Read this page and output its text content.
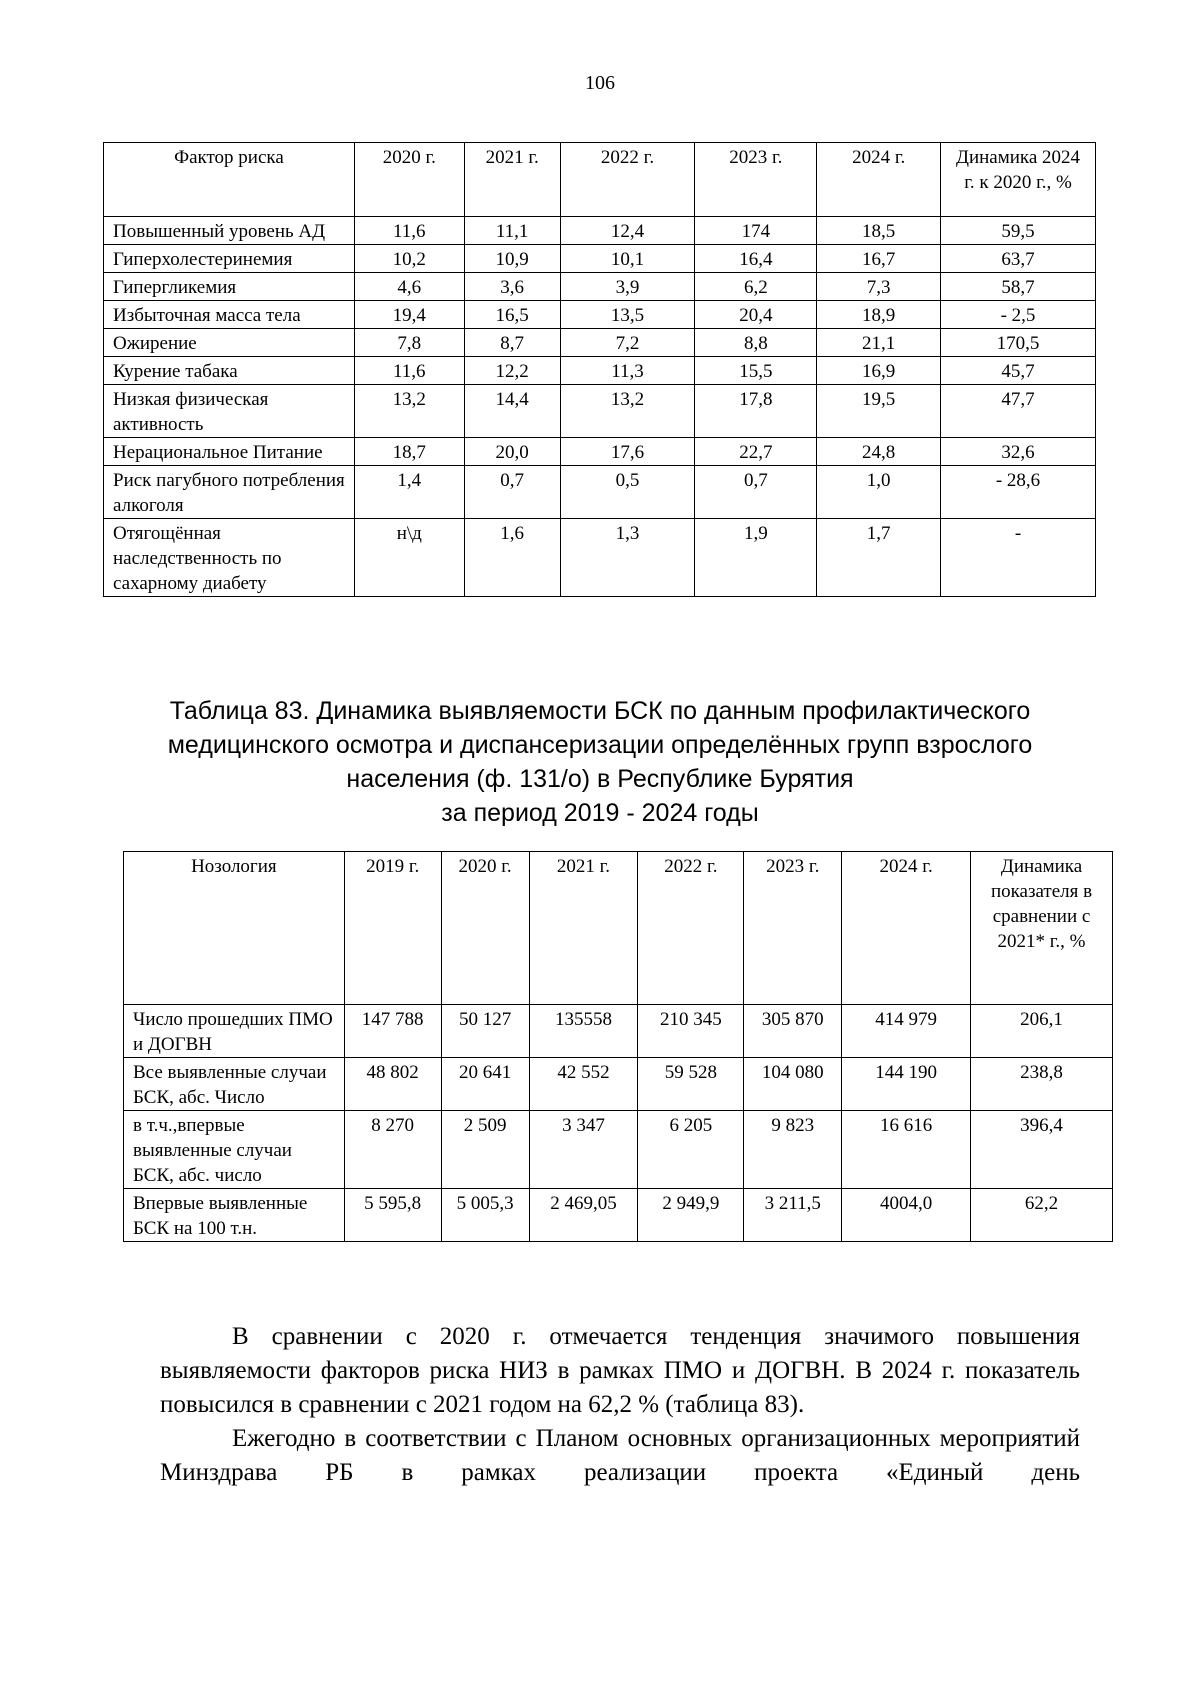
106
Фактор риска	2020 г.	2021 г.	2022 г.	2023 г.	2024 г.	Динамика 2024 г. к 2020 г., %
Повышенный уровень АД	11,6	11,1	12,4	174	18,5	59,5
Гиперхолестеринемия	10,2	10,9	10,1	16,4	16,7	63,7
Гипергликемия	4,6	3,6	3,9	6,2	7,3	58,7
Избыточная масса тела	19,4	16,5	13,5	20,4	18,9	- 2,5
Ожирение	7,8	8,7	7,2	8,8	21,1	170,5
Курение табака	11,6	12,2	11,3	15,5	16,9	45,7
Низкая физическая активность	13,2	14,4	13,2	17,8	19,5	47,7
Нерациональное Питание	18,7	20,0	17,6	22,7	24,8	32,6
Риск пагубного потребления алкоголя	1,4	0,7	0,5	0,7	1,0	- 28,6
Отягощённая наследственность по сахарному диабету	н\д	1,6	1,3	1,9	1,7	-
Таблица 83. Динамика выявляемости БСК по данным профилактического
медицинского осмотра и диспансеризации определённых групп взрослого
населения (ф. 131/о) в Республике Бурятия
за период 2019 - 2024 годы
Нозология	2019 г.	2020 г.	2021 г.	2022 г.	2023 г.	2024 г.	Динамика показателя в сравнении с 2021* г., %
Число прошедших ПМО и ДОГВН	147 788	50 127	135558	210 345	305 870	414 979	206,1
Все выявленные случаи БСК, абс. Число	48 802	20 641	42 552	59 528	104 080	144 190	238,8
в т.ч.,впервые выявленные случаи БСК, абс. число	8 270	2 509	3 347	6 205	9 823	16 616	396,4
Впервые выявленные БСК на 100 т.н.	5 595,8	5 005,3	2 469,05	2 949,9	3 211,5	4004,0	62,2

В сравнении с 2020 г. отмечается тенденция значимого повышения выявляемости факторов риска НИЗ в рамках ПМО и ДОГВН. В 2024 г. показатель повысился в сравнении с 2021 годом на 62,2 % (таблица 83).

Ежегодно в соответствии с Планом основных организационных мероприятий Минздрава РБ в рамках реализации проекта «Единый день
